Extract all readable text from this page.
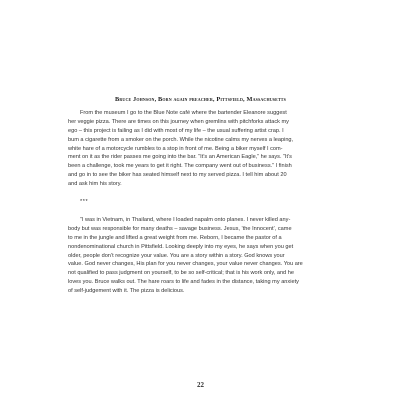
Bruce Johnson, Born again preacher, Pittsfield, Massachusetts
From the museum I go to the Blue Note café where the bartender Eleanore suggest
her veggie pizza. There are times on this journey when gremlins with pitchforks attack my
ego – this project is failing as I did with most of my life – the usual suffering artist crap. I
bum a cigarette from a smoker on the porch. While the nicotine calms my nerves a leaping,
white hare of a motorcycle rumbles to a stop in front of me. Being a biker myself I com-
ment on it as the rider passes me going into the bar. “It’s an American Eagle,” he says. “It’s
been a challenge, took me years to get it right. The company went out of business.” I finish
and go in to see the biker has seated himself next to my served pizza. I tell him about 20
and ask him his story.
***
“I was in Vietnam, in Thailand, where I loaded napalm onto planes. I never killed any-
body but was responsible for many deaths – savage business. Jesus, ‘the Innocent’, came
to me in the jungle and lifted a great weight from me. Reborn, I became the pastor of a
nondenominational church in Pittsfield. Looking deeply into my eyes, he says when you get
older, people don’t recognize your value. You are a story within a story. God knows your
value. God never changes, His plan for you never changes, your value never changes. You are
not qualified to pass judgment on yourself, to be so self-critical; that is his work only, and he
loves you. Bruce walks out. The hare roars to life and fades in the distance, taking my anxiety
of self-judgement with it. The pizza is delicious.
22
